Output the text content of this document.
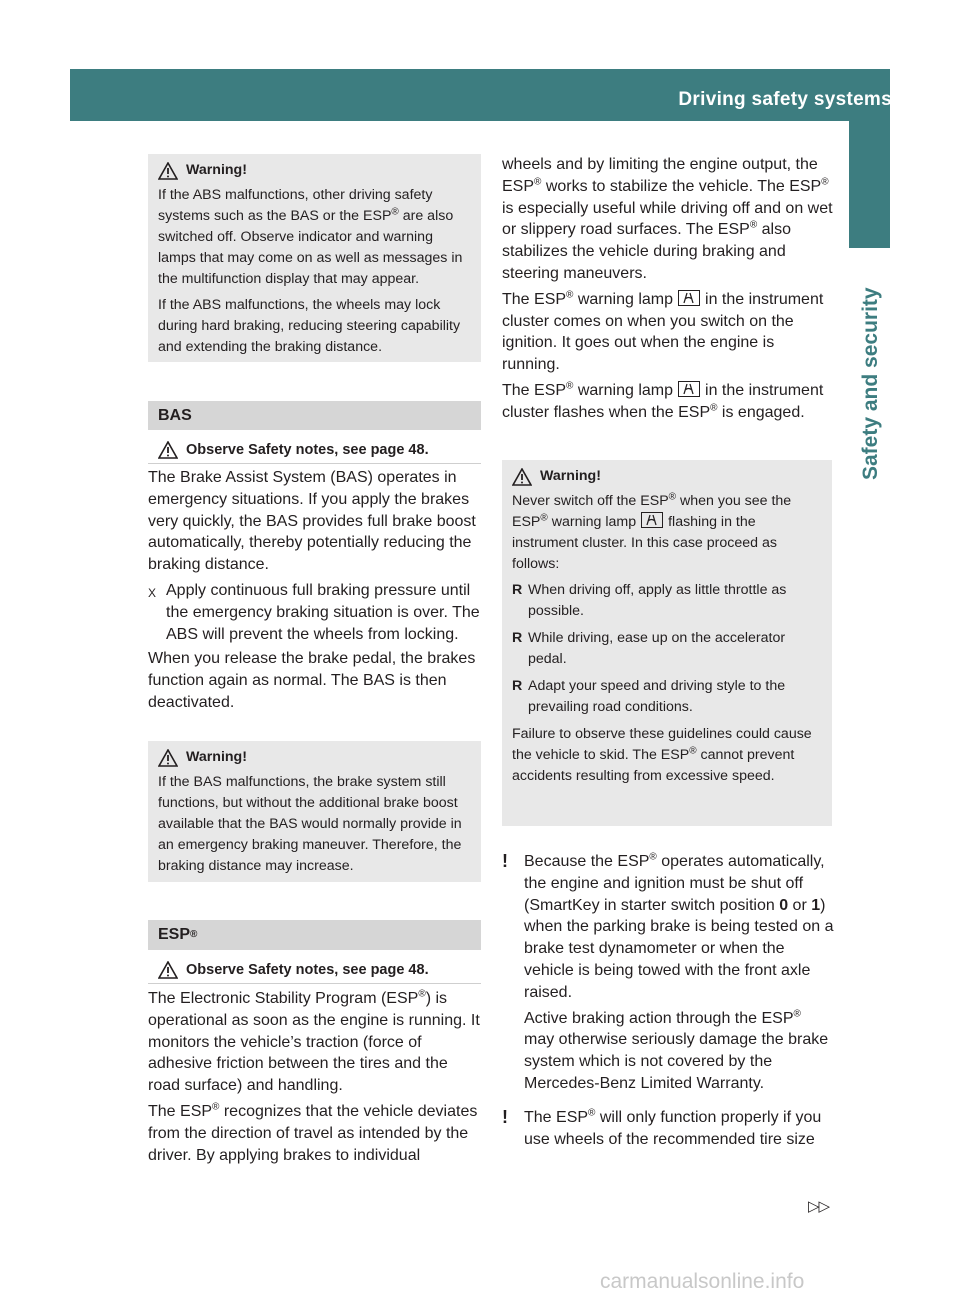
Driving safety systems	49
Safety and security
Warning!

If the ABS malfunctions, other driving safety systems such as the BAS or the ESP® are also switched off. Observe indicator and warning lamps that may come on as well as messages in the multifunction display that may appear.

If the ABS malfunctions, the wheels may lock during hard braking, reducing steering capability and extending the braking distance.

BAS
Observe Safety notes, see page 48.

The Brake Assist System (BAS) operates in emergency situations. If you apply the brakes very quickly, the BAS provides full brake boost automatically, thereby potentially reducing the braking distance.

X Apply continuous full braking pressure until the emergency braking situation is over. The ABS will prevent the wheels from locking.

When you release the brake pedal, the brakes function again as normal. The BAS is then deactivated.

Warning!

If the BAS malfunctions, the brake system still functions, but without the additional brake boost available that the BAS would normally provide in an emergency braking maneuver. Therefore, the braking distance may increase.

ESP ®
Observe Safety notes, see page 48.

The Electronic Stability Program (ESP®) is operational as soon as the engine is running. It monitors the vehicle’s traction (force of adhesive friction between the tires and the road surface) and handling.

The ESP® recognizes that the vehicle deviates from the direction of travel as intended by the driver. By applying brakes to individual

wheels and by limiting the engine output, the ESP® works to stabilize the vehicle. The ESP® is especially useful while driving off and on wet or slippery road surfaces. The ESP® also stabilizes the vehicle during braking and steering maneuvers.

The ESP® warning lamp in the instrument cluster comes on when you switch on the ignition. It goes out when the engine is running.

The ESP® warning lamp in the instrument cluster flashes when the ESP® is engaged.

Warning!

Never switch off the ESP® when you see the ESP® warning lamp flashing in the instrument cluster. In this case proceed as follows:

R When driving off, apply as little throttle as possible.
R While driving, ease up on the accelerator pedal.
R Adapt your speed and driving style to the prevailing road conditions.

Failure to observe these guidelines could cause the vehicle to skid. The ESP® cannot prevent accidents resulting from excessive speed.

!	Because the ESP® operates automatically, the engine and ignition must be shut off (SmartKey in starter switch position 0 or 1) when the parking brake is being tested on a brake test dynamometer or when the vehicle is being towed with the front axle raised.

Active braking action through the ESP® may otherwise seriously damage the brake system which is not covered by the Mercedes-Benz Limited Warranty.

!	The ESP® will only function properly if you use wheels of the recommended tire size

▷▷
carmanualsonline.info
